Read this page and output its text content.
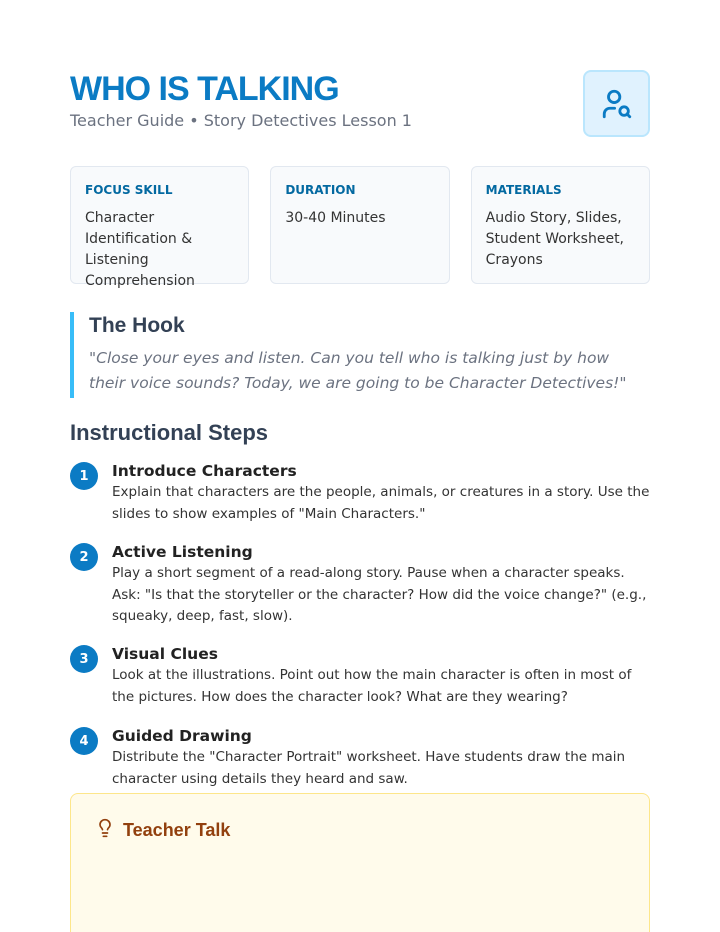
WHO IS TALKING
Teacher Guide • Story Detectives Lesson 1
FOCUS SKILL
Character Identification & Listening Comprehension
DURATION
30-40 Minutes
MATERIALS
Audio Story, Slides, Student Worksheet, Crayons
The Hook
"Close your eyes and listen. Can you tell who is talking just by how their voice sounds? Today, we are going to be Character Detectives!"
Instructional Steps
1	Introduce Characters
Explain that characters are the people, animals, or creatures in a story. Use the slides to show examples of "Main Characters."
2	Active Listening
Play a short segment of a read-along story. Pause when a character speaks. Ask: "Is that the storyteller or the character? How did the voice change?" (e.g., squeaky, deep, fast, slow).
3	Visual Clues
Look at the illustrations. Point out how the main character is often in most of the pictures. How does the character look? What are they wearing?
4	Guided Drawing
Distribute the "Character Portrait" worksheet. Have students draw the main character using details they heard and saw.
Teacher Talk
